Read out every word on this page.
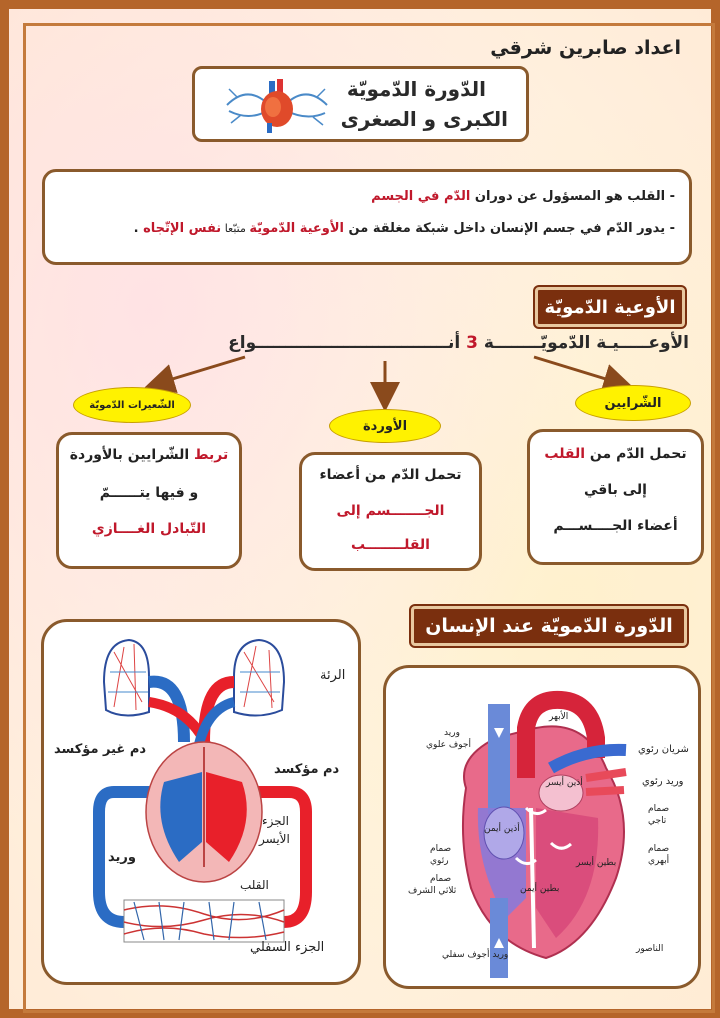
اعداد صابرين شرقي
الدّورة الدّمويّة
الكبرى و الصغرى
- القلب هو المسؤول عن دوران الدّم في الجسم
- يدور الدّم في جسم الإنسان داخل شبكة مغلقة من الأوعية الدّمويّة متبّعا نفس الإتّجاه .
الأوعية الدّمويّة
الأوعـــــيـة الدّمويّــــــــة 3 أنـــــــــــــــــــــــــــــــــواع
الشّرايين
الأوردة
الشّعيرات الدّمويّة
تحمل الدّم من القلب
إلى باقي
أعضاء الجــــســـم
تحمل الدّم من أعضاء
الجـــــــسم إلى
القلــــــــب
تربط الشّرايين بالأوردة
و فيها يتــــــمّ
التّبادل الغــــازي
الدّورة الدّمويّة عند الإنسان
الرئة
دم غير مؤكسد
دم مؤكسد
الجزء
الأيسر
وريد
القلب
الجزء السفلي
الأبهر
وريد
أجوف علوي	شريان رئوي
وريد رئوي
أذين أيسر
صمام
تاجي
صمام
أبهري
أذين أيمن
بطين أيسر
صمام
رئوي
صمام
ثلاثي الشرف	بطين أيمن
الناصور
وريد أجوف سفلي
